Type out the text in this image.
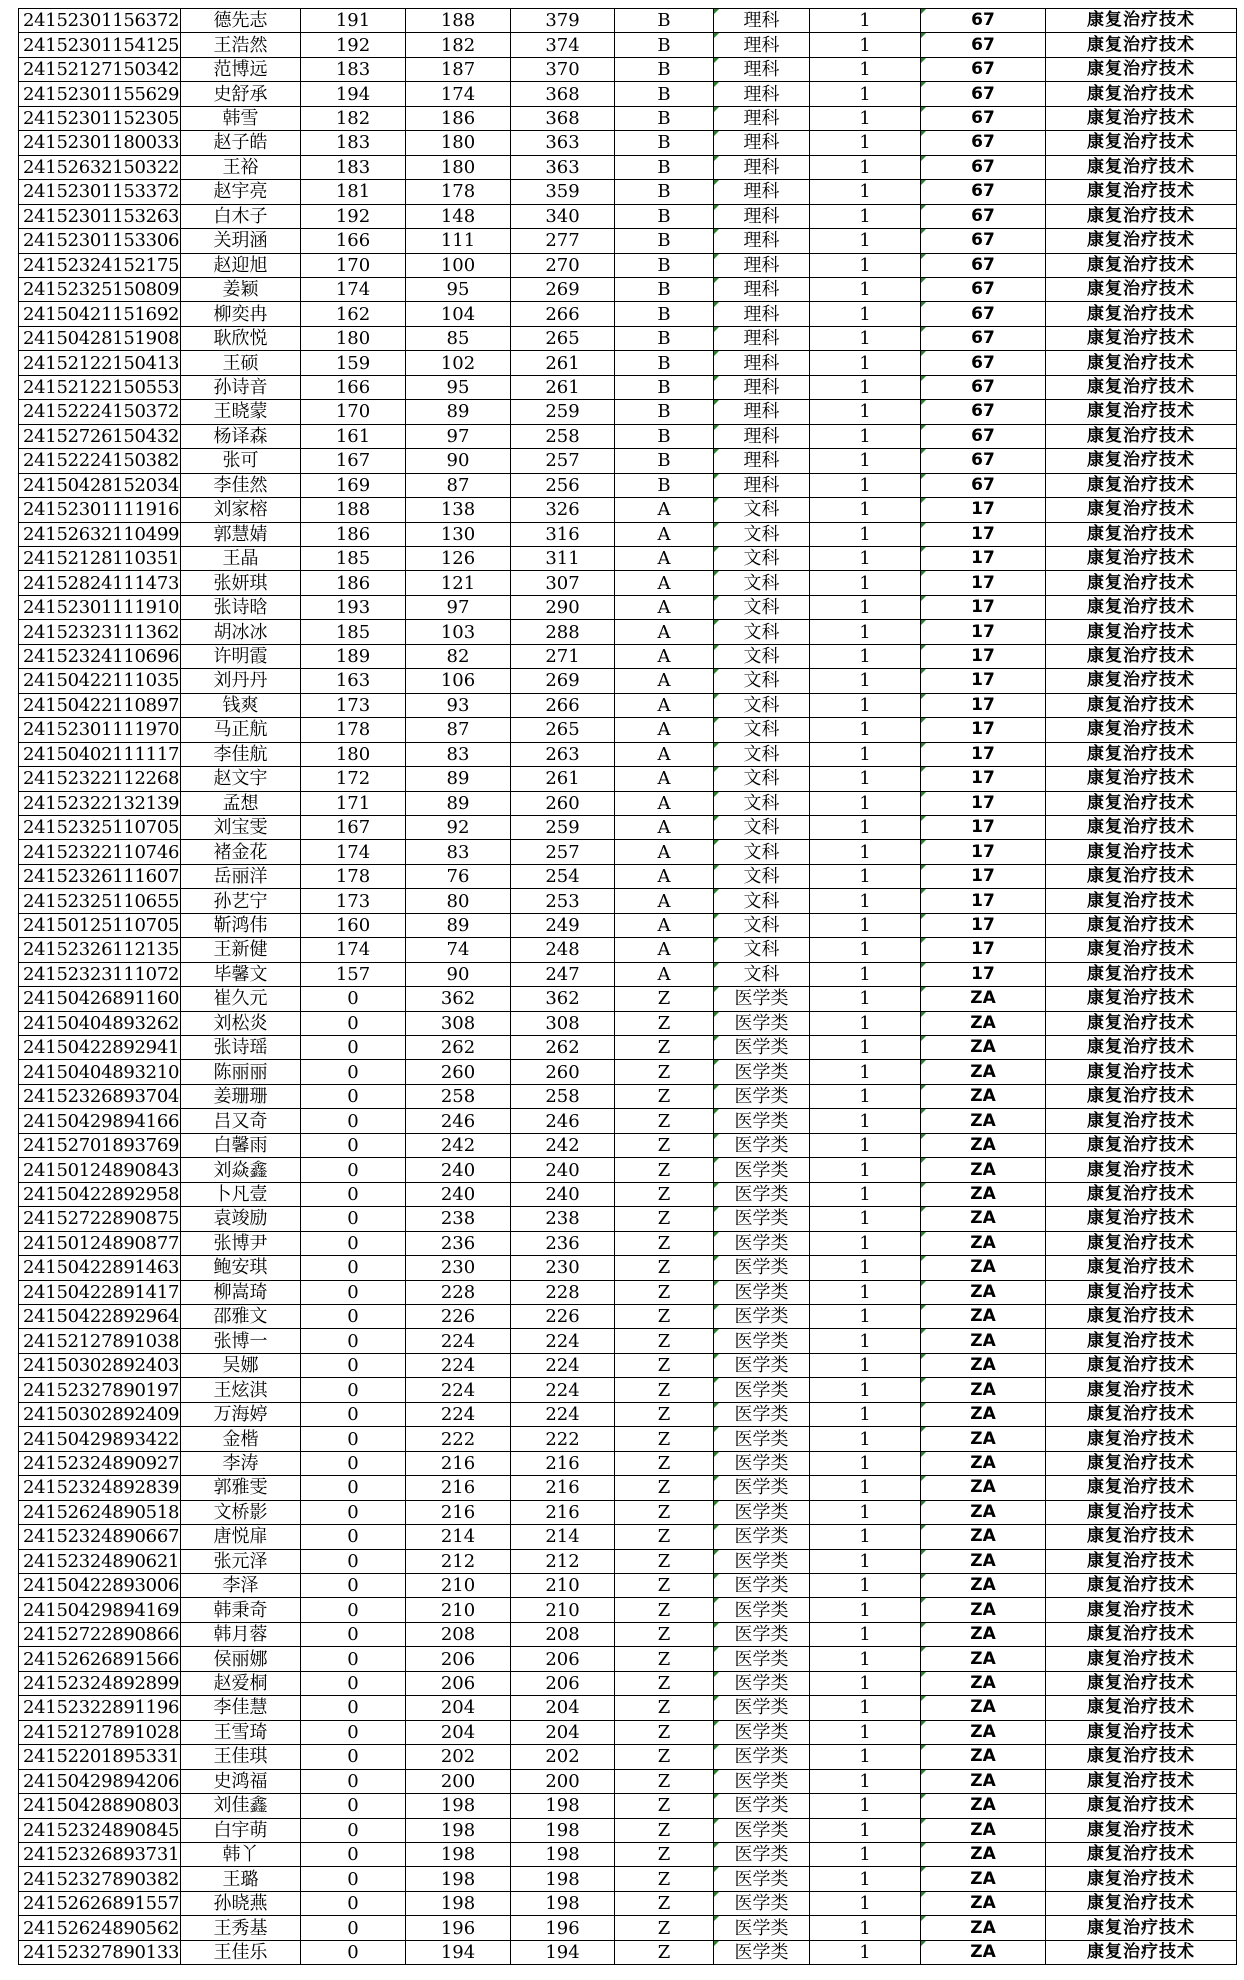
24152301156372	德先志	191	188	379	B	理科	1	67	康复治疗技术
24152301154125	王浩然	192	182	374	B	理科	1	67	康复治疗技术
24152127150342	范博远	183	187	370	B	理科	1	67	康复治疗技术
24152301155629	史舒承	194	174	368	B	理科	1	67	康复治疗技术
24152301152305	韩雪	182	186	368	B	理科	1	67	康复治疗技术
24152301180033	赵子皓	183	180	363	B	理科	1	67	康复治疗技术
24152632150322	王裕	183	180	363	B	理科	1	67	康复治疗技术
24152301153372	赵宇亮	181	178	359	B	理科	1	67	康复治疗技术
24152301153263	白木子	192	148	340	B	理科	1	67	康复治疗技术
24152301153306	关玥涵	166	111	277	B	理科	1	67	康复治疗技术
24152324152175	赵迎旭	170	100	270	B	理科	1	67	康复治疗技术
24152325150809	姜颖	174	95	269	B	理科	1	67	康复治疗技术
24150421151692	柳奕冉	162	104	266	B	理科	1	67	康复治疗技术
24150428151908	耿欣悦	180	85	265	B	理科	1	67	康复治疗技术
24152122150413	王硕	159	102	261	B	理科	1	67	康复治疗技术
24152122150553	孙诗音	166	95	261	B	理科	1	67	康复治疗技术
24152224150372	王晓蒙	170	89	259	B	理科	1	67	康复治疗技术
24152726150432	杨译森	161	97	258	B	理科	1	67	康复治疗技术
24152224150382	张可	167	90	257	B	理科	1	67	康复治疗技术
24150428152034	李佳然	169	87	256	B	理科	1	67	康复治疗技术
24152301111916	刘家榕	188	138	326	A	文科	1	17	康复治疗技术
24152632110499	郭慧婧	186	130	316	A	文科	1	17	康复治疗技术
24152128110351	王晶	185	126	311	A	文科	1	17	康复治疗技术
24152824111473	张妍琪	186	121	307	A	文科	1	17	康复治疗技术
24152301111910	张诗晗	193	97	290	A	文科	1	17	康复治疗技术
24152323111362	胡冰冰	185	103	288	A	文科	1	17	康复治疗技术
24152324110696	许明霞	189	82	271	A	文科	1	17	康复治疗技术
24150422111035	刘丹丹	163	106	269	A	文科	1	17	康复治疗技术
24150422110897	钱爽	173	93	266	A	文科	1	17	康复治疗技术
24152301111970	马正航	178	87	265	A	文科	1	17	康复治疗技术
24150402111117	李佳航	180	83	263	A	文科	1	17	康复治疗技术
24152322112268	赵文宇	172	89	261	A	文科	1	17	康复治疗技术
24152322132139	孟想	171	89	260	A	文科	1	17	康复治疗技术
24152325110705	刘宝雯	167	92	259	A	文科	1	17	康复治疗技术
24152322110746	褚金花	174	83	257	A	文科	1	17	康复治疗技术
24152326111607	岳丽洋	178	76	254	A	文科	1	17	康复治疗技术
24152325110655	孙艺宁	173	80	253	A	文科	1	17	康复治疗技术
24150125110705	靳鸿伟	160	89	249	A	文科	1	17	康复治疗技术
24152326112135	王新健	174	74	248	A	文科	1	17	康复治疗技术
24152323111072	毕馨文	157	90	247	A	文科	1	17	康复治疗技术
24150426891160	崔久元	0	362	362	Z	医学类	1	ZA	康复治疗技术
24150404893262	刘松炎	0	308	308	Z	医学类	1	ZA	康复治疗技术
24150422892941	张诗瑶	0	262	262	Z	医学类	1	ZA	康复治疗技术
24150404893210	陈丽丽	0	260	260	Z	医学类	1	ZA	康复治疗技术
24152326893704	姜珊珊	0	258	258	Z	医学类	1	ZA	康复治疗技术
24150429894166	吕又奇	0	246	246	Z	医学类	1	ZA	康复治疗技术
24152701893769	白馨雨	0	242	242	Z	医学类	1	ZA	康复治疗技术
24150124890843	刘焱鑫	0	240	240	Z	医学类	1	ZA	康复治疗技术
24150422892958	卜凡壹	0	240	240	Z	医学类	1	ZA	康复治疗技术
24152722890875	袁竣励	0	238	238	Z	医学类	1	ZA	康复治疗技术
24150124890877	张博尹	0	236	236	Z	医学类	1	ZA	康复治疗技术
24150422891463	鲍安琪	0	230	230	Z	医学类	1	ZA	康复治疗技术
24150422891417	柳嵩琦	0	228	228	Z	医学类	1	ZA	康复治疗技术
24150422892964	邵雅文	0	226	226	Z	医学类	1	ZA	康复治疗技术
24152127891038	张博一	0	224	224	Z	医学类	1	ZA	康复治疗技术
24150302892403	吴娜	0	224	224	Z	医学类	1	ZA	康复治疗技术
24152327890197	王炫淇	0	224	224	Z	医学类	1	ZA	康复治疗技术
24150302892409	万海婷	0	224	224	Z	医学类	1	ZA	康复治疗技术
24150429893422	金楷	0	222	222	Z	医学类	1	ZA	康复治疗技术
24152324890927	李涛	0	216	216	Z	医学类	1	ZA	康复治疗技术
24152324892839	郭雅雯	0	216	216	Z	医学类	1	ZA	康复治疗技术
24152624890518	文桥影	0	216	216	Z	医学类	1	ZA	康复治疗技术
24152324890667	唐悦扉	0	214	214	Z	医学类	1	ZA	康复治疗技术
24152324890621	张元泽	0	212	212	Z	医学类	1	ZA	康复治疗技术
24150422893006	李泽	0	210	210	Z	医学类	1	ZA	康复治疗技术
24150429894169	韩秉奇	0	210	210	Z	医学类	1	ZA	康复治疗技术
24152722890866	韩月蓉	0	208	208	Z	医学类	1	ZA	康复治疗技术
24152626891566	侯丽娜	0	206	206	Z	医学类	1	ZA	康复治疗技术
24152324892899	赵爱桐	0	206	206	Z	医学类	1	ZA	康复治疗技术
24152322891196	李佳慧	0	204	204	Z	医学类	1	ZA	康复治疗技术
24152127891028	王雪琦	0	204	204	Z	医学类	1	ZA	康复治疗技术
24152201895331	王佳琪	0	202	202	Z	医学类	1	ZA	康复治疗技术
24150429894206	史鸿福	0	200	200	Z	医学类	1	ZA	康复治疗技术
24150428890803	刘佳鑫	0	198	198	Z	医学类	1	ZA	康复治疗技术
24152324890845	白宇萌	0	198	198	Z	医学类	1	ZA	康复治疗技术
24152326893731	韩丫	0	198	198	Z	医学类	1	ZA	康复治疗技术
24152327890382	王璐	0	198	198	Z	医学类	1	ZA	康复治疗技术
24152626891557	孙晓燕	0	198	198	Z	医学类	1	ZA	康复治疗技术
24152624890562	王秀基	0	196	196	Z	医学类	1	ZA	康复治疗技术
24152327890133	王佳乐	0	194	194	Z	医学类	1	ZA	康复治疗技术
